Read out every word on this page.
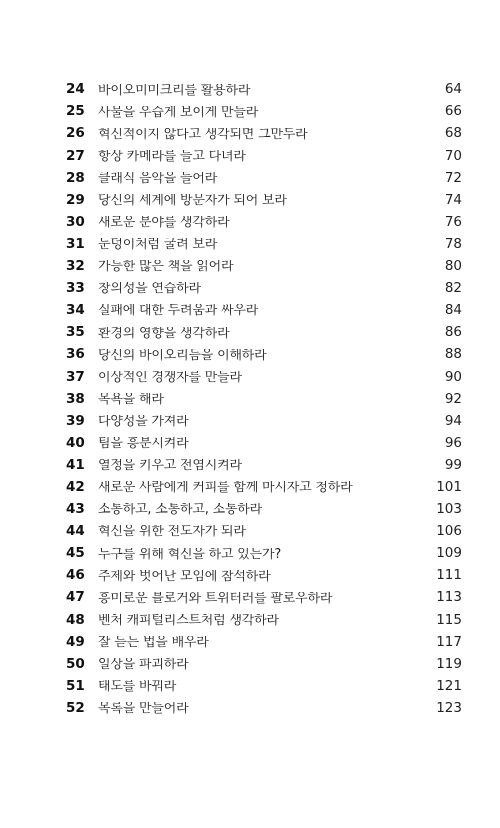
24	바이오미미크리를 활용하라	64
25	사물을 우습게 보이게 만들라	66
26	혁신적이지 않다고 생각되면 그만두라	68
27	항상 카메라를 들고 다녀라	70
28	클래식 음악을 들어라	72
29	당신의 세계에 방문자가 되어 보라	74
30	새로운 분야를 생각하라	76
31	눈덩이처럼 굴려 보라	78
32	가능한 많은 책을 읽어라	80
33	창의성을 연습하라	82
34	실패에 대한 두려움과 싸우라	84
35	환경의 영향을 생각하라	86
36	당신의 바이오리듬을 이해하라	88
37	이상적인 경쟁자를 만들라	90
38	목욕을 해라	92
39	다양성을 가져라	94
40	팀을 흥분시켜라	96
41	열정을 키우고 전염시켜라	99
42	새로운 사람에게 커피를 함께 마시자고 청하라	101
43	소통하고, 소통하고, 소통하라	103
44	혁신을 위한 전도자가 되라	106
45	누구를 위해 혁신을 하고 있는가?	109
46	주제와 벗어난 모임에 참석하라	111
47	흥미로운 블로거와 트위터러를 팔로우하라	113
48	벤처 캐피털리스트처럼 생각하라	115
49	잘 듣는 법을 배우라	117
50	일상을 파괴하라	119
51	태도를 바꿔라	121
52	목록을 만들어라	123
